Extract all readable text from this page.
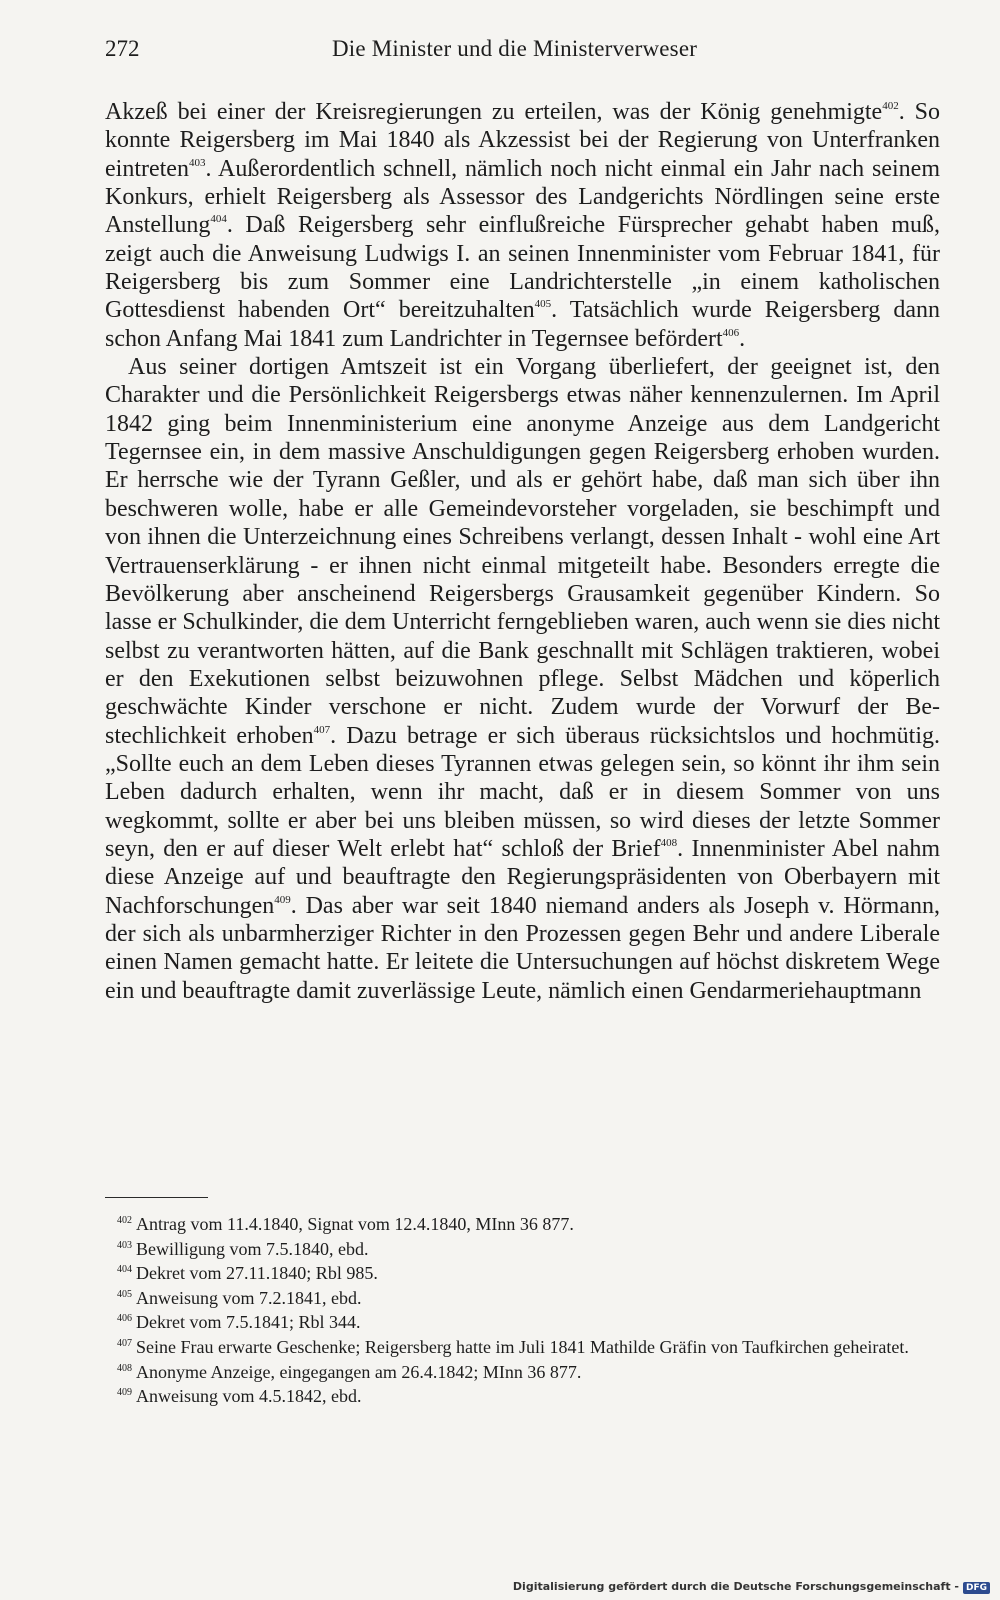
272	Die Minister und die Ministerverweser

Akzeß bei einer der Kreisregierungen zu erteilen, was der König genehmigte$^{402}$. So konnte Reigersberg im Mai 1840 als Akzessist bei der Regierung von Unterfranken eintreten$^{403}$. Außerordentlich schnell, nämlich noch nicht einmal ein Jahr nach seinem Konkurs, erhielt Reigersberg als Assessor des Landgerichts Nördlingen seine erste Anstellung$^{404}$. Daß Reigersberg sehr einflußreiche Fürsprecher gehabt haben muß, zeigt auch die Anweisung Ludwigs I. an seinen Innenminister vom Februar 1841, für Reigersberg bis zum Sommer eine Landrichterstelle „in einem katholischen Gottesdienst habenden Ort“ bereitzuhalten$^{405}$. Tatsächlich wurde Reigersberg dann schon Anfang Mai 1841 zum Landrichter in Tegernsee befördert$^{406}$.

Aus seiner dortigen Amtszeit ist ein Vorgang überliefert, der geeignet ist, den Charakter und die Persönlichkeit Reigersbergs etwas näher kennenzulernen. Im April 1842 ging beim Innenministerium eine anonyme Anzeige aus dem Landgericht Tegernsee ein, in dem massive Anschuldigungen gegen Reigersberg erhoben wurden. Er herrsche wie der Tyrann Geßler, und als er gehört habe, daß man sich über ihn beschweren wolle, habe er alle Gemeindevorsteher vorgeladen, sie beschimpft und von ihnen die Unterzeichnung eines Schreibens verlangt, dessen Inhalt - wohl eine Art Vertrauenserklärung - er ihnen nicht einmal mitgeteilt habe. Besonders erregte die Bevölkerung aber anscheinend Reigersbergs Grausamkeit gegenüber Kindern. So lasse er Schulkinder, die dem Unterricht ferngeblieben waren, auch wenn sie dies nicht selbst zu verantworten hätten, auf die Bank geschnallt mit Schlägen traktieren, wobei er den Exekutionen selbst beizuwohnen pflege. Selbst Mädchen und köperlich geschwächte Kinder verschone er nicht. Zudem wurde der Vorwurf der Bestechlichkeit erhoben$^{407}$. Dazu betrage er sich überaus rücksichtslos und hochmütig. „Sollte euch an dem Leben dieses Tyrannen etwas gelegen sein, so könnt ihr ihm sein Leben dadurch erhalten, wenn ihr macht, daß er in diesem Sommer von uns wegkommt, sollte er aber bei uns bleiben müssen, so wird dieses der letzte Sommer seyn, den er auf dieser Welt erlebt hat“ schloß der Brief$^{408}$. Innenminister Abel nahm diese Anzeige auf und beauftragte den Regierungspräsidenten von Oberbayern mit Nachforschungen$^{409}$. Das aber war seit 1840 niemand anders als Joseph v. Hörmann, der sich als unbarmherziger Richter in den Prozessen gegen Behr und andere Liberale einen Namen gemacht hatte. Er leitete die Untersuchungen auf höchst diskretem Wege ein und beauftragte damit zuverlässige Leute, nämlich einen Gendarmeriehauptmann

$^{402}$ Antrag vom 11.4.1840, Signat vom 12.4.1840, MInn 36 877.
$^{403}$ Bewilligung vom 7.5.1840, ebd.
$^{404}$ Dekret vom 27.11.1840; Rbl 985.
$^{405}$ Anweisung vom 7.2.1841, ebd.
$^{406}$ Dekret vom 7.5.1841; Rbl 344.
$^{407}$ Seine Frau erwarte Geschenke; Reigersberg hatte im Juli 1841 Mathilde Gräfin von Taufkirchen geheiratet.
$^{408}$ Anonyme Anzeige, eingegangen am 26.4.1842; MInn 36 877.
$^{409}$ Anweisung vom 4.5.1842, ebd.
Digitalisierung gefördert durch die Deutsche Forschungsgemeinschaft - DFG
